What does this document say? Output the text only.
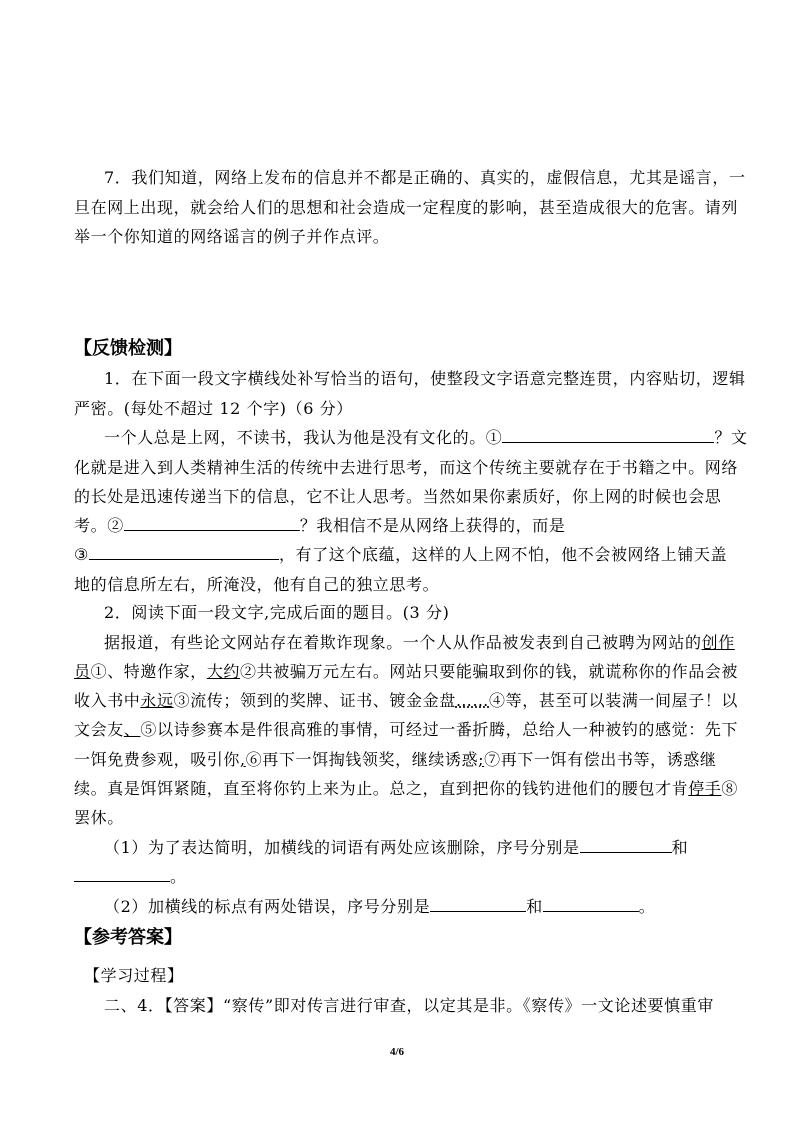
7．我们知道，网络上发布的信息并不都是正确的、真实的，虚假信息，尤其是谣言，一
旦在网上出现，就会给人们的思想和社会造成一定程度的影响，甚至造成很大的危害。请列
举一个你知道的网络谣言的例子并作点评。
【反馈检测】
1．在下面一段文字横线处补写恰当的语句，使整段文字语意完整连贯，内容贴切，逻辑
严密。(每处不超过 12 个字)（6 分）
一个人总是上网，不读书，我认为他是没有文化的。①	？文
化就是进入到人类精神生活的传统中去进行思考，而这个传统主要就存在于书籍之中。网络
的长处是迅速传递当下的信息，它不让人思考。当然如果你素质好，你上网的时候也会思
考。②	？我相信不是从网络上获得的，而是
③	，有了这个底蕴，这样的人上网不怕，他不会被网络上铺天盖
地的信息所左右，所淹没，他有自己的独立思考。
2．阅读下面一段文字,完成后面的题目。(3 分)
据报道，有些论文网站存在着欺诈现象。一个人从作品被发表到自己被聘为网站的创作
员①、特邀作家，大约②共被骗万元左右。网站只要能骗取到你的钱，就谎称你的作品会被
收入书中永远③流传；领到的奖牌、证书、镀金金盘……④等，甚至可以装满一间屋子！以
文会友、⑤以诗参赛本是件很高雅的事情，可经过一番折腾，总给人一种被钓的感觉：先下
一饵免费参观，吸引你,⑥再下一饵掏钱领奖，继续诱惑;⑦再下一饵有偿出书等，诱惑继
续。真是饵饵紧随，直至将你钓上来为止。总之，直到把你的钱钓进他们的腰包才肯停手⑧
罢休。
（1）为了表达简明，加横线的词语有两处应该删除，序号分别是	和
。
（2）加横线的标点有两处错误，序号分别是	和	。
【参考答案】
【学习过程】
二、4．【答案】“察传”即对传言进行审查，以定其是非。《察传》一文论述要慎重审
4/6
